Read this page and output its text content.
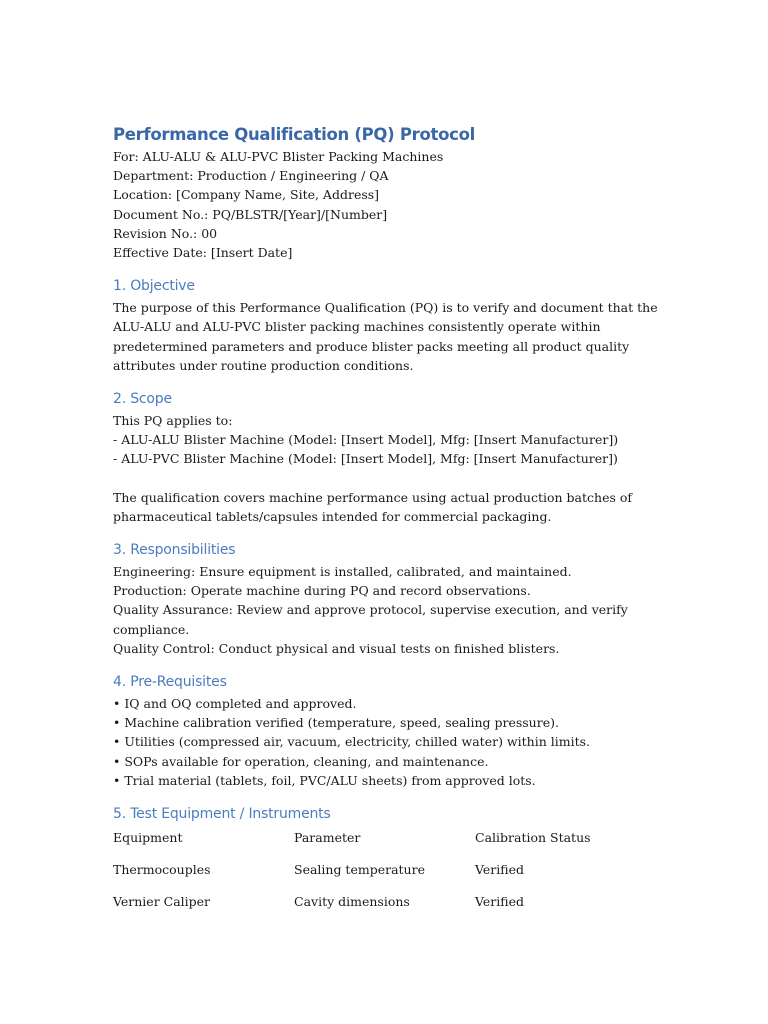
Performance Qualification (PQ) Protocol

For: ALU-ALU & ALU-PVC Blister Packing Machines

Department: Production / Engineering / QA

Location: [Company Name, Site, Address]

Document No.: PQ/BLSTR/[Year]/[Number]

Revision No.: 00

Effective Date: [Insert Date]

1. Objective

The purpose of this Performance Qualification (PQ) is to verify and document that the ALU-ALU and ALU-PVC blister packing machines consistently operate within predetermined parameters and produce blister packs meeting all product quality attributes under routine production conditions.

2. Scope

This PQ applies to:

- ALU-ALU Blister Machine (Model: [Insert Model], Mfg: [Insert Manufacturer])

- ALU-PVC Blister Machine (Model: [Insert Model], Mfg: [Insert Manufacturer])

The qualification covers machine performance using actual production batches of pharmaceutical tablets/capsules intended for commercial packaging.

3. Responsibilities

Engineering: Ensure equipment is installed, calibrated, and maintained.

Production: Operate machine during PQ and record observations.

Quality Assurance: Review and approve protocol, supervise execution, and verify compliance.

Quality Control: Conduct physical and visual tests on finished blisters.

4. Pre-Requisites

• IQ and OQ completed and approved.

• Machine calibration verified (temperature, speed, sealing pressure).

• Utilities (compressed air, vacuum, electricity, chilled water) within limits.

• SOPs available for operation, cleaning, and maintenance.

• Trial material (tablets, foil, PVC/ALU sheets) from approved lots.

5. Test Equipment / Instruments
Equipment	Parameter	Calibration Status
Thermocouples	Sealing temperature	Verified
Vernier Caliper	Cavity dimensions	Verified
